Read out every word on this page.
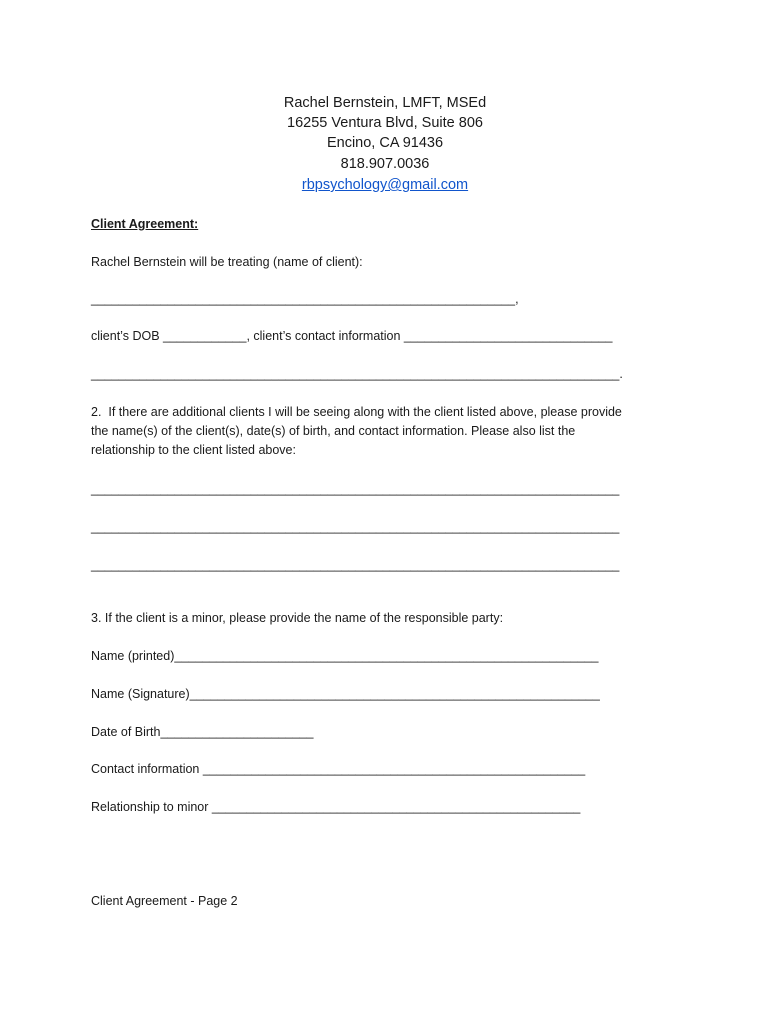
Rachel Bernstein, LMFT, MSEd
16255 Ventura Blvd, Suite 806
Encino, CA 91436
818.907.0036
rbpsychology@gmail.com
Client Agreement:
Rachel Bernstein will be treating (name of client):
_____________________________________________________________,
client’s DOB ____________, client’s contact information ______________________________
____________________________________________________________________________.
2.  If there are additional clients I will be seeing along with the client listed above, please provide
the name(s) of the client(s), date(s) of birth, and contact information. Please also list the
relationship to the client listed above:
____________________________________________________________________________
____________________________________________________________________________
____________________________________________________________________________
3. If the client is a minor, please provide the name of the responsible party:
Name (printed)_____________________________________________________________
Name (Signature)___________________________________________________________
Date of Birth______________________
Contact information _______________________________________________________
Relationship to minor _____________________________________________________
Client Agreement - Page 2
